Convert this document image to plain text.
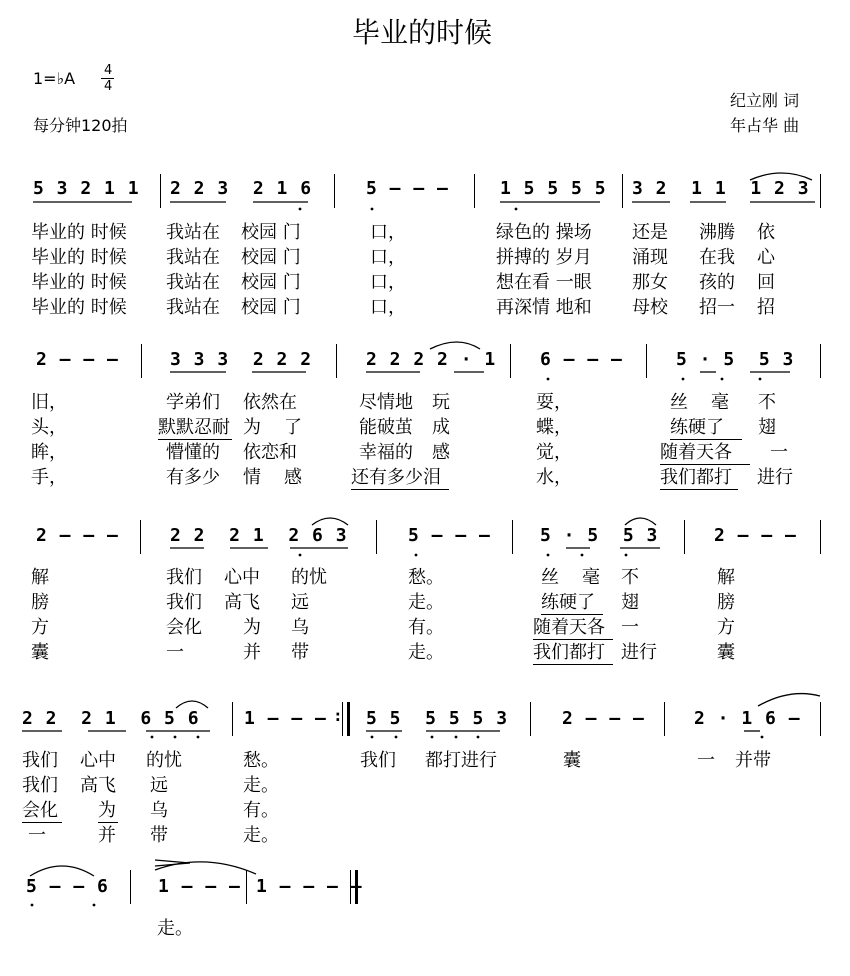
毕业的时候
1=♭A 4
4
每分钟120拍
纪立刚 词
年占华 曲
5 3 2 1 1 2 2 3  2 1 6	5 — — —	1 5 5 5 5 3 2  1 1  1 2 3
毕业的 时候 我站在 校园 门	口，	绿色的 操场 还是 沸腾 依
毕业的 时候 我站在 校园 门	口，	拼搏的 岁月 涌现 在我 心
毕业的 时候 我站在 校园 门	口，	想在看 一眼 那女 孩的 回
毕业的 时候 我站在 校园 门	口，	再深情 地和 母校 招一 招
2 — — —	3 3 3  2 2 2	2 2 2 2 · 1 6 — — —	5 · 5  5 3
旧，	学弟们 依然在	尽情地 玩	耍，	丝 毫 不
头，	默默忍耐 为 了	能破茧 成	蝶，	练硬了 翅
眸，	懵懂的 依恋和	幸福的 感	觉，	随着天各 一
手，	有多少 情 感	还有多少泪	水，	我们都打 进行
2 — — —	2 2  2 1  2 6 3	5 — — —	5 · 5  5 3	2 — — —
解	我们 心中 的忧	愁。	丝 毫 不	解
膀	我们 高飞 远	走。	练硬了 翅	膀
方	会化 为 乌	有。	随着天各 一	方
囊	一	并 带	走。	我们都打 进行	囊
2 2  2 1  6 5 6 1 — — — : 5 5  5 5 5 3	2 — — —	2 · 1 6 —
我们 心中 的忧	愁。	我们 都打进行	囊	一 并带
我们 高飞 远	走。
会化 为 乌	有。
一	并 带	走。
5 — — 6	1 — — — 1 — — — —
走。
